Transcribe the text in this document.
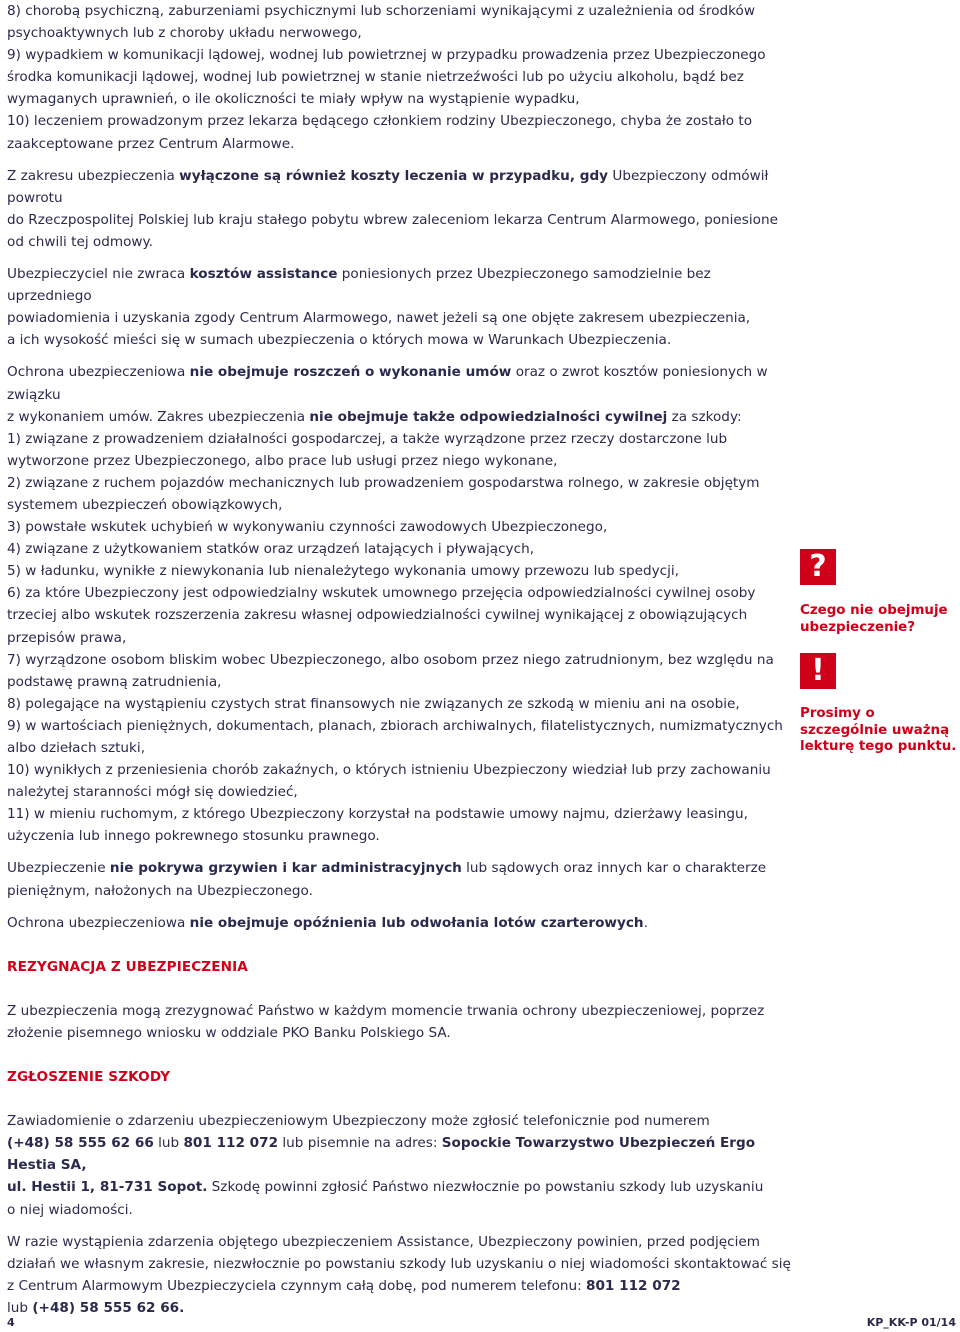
8) chorobą psychiczną, zaburzeniami psychicznymi lub schorzeniami wynikającymi z uzależnienia od środków

psychoaktywnych lub z choroby układu nerwowego,

9) wypadkiem w komunikacji lądowej, wodnej lub powietrznej w przypadku prowadzenia przez Ubezpieczonego

środka komunikacji lądowej, wodnej lub powietrznej w stanie nietrzeźwości lub po użyciu alkoholu, bądź bez

wymaganych uprawnień, o ile okoliczności te miały wpływ na wystąpienie wypadku,

10) leczeniem prowadzonym przez lekarza będącego członkiem rodziny Ubezpieczonego, chyba że zostało to

zaakceptowane przez Centrum Alarmowe.

Z zakresu ubezpieczenia wyłączone są również koszty leczenia w przypadku, gdy Ubezpieczony odmówił powrotu

do Rzeczpospolitej Polskiej lub kraju stałego pobytu wbrew zaleceniom lekarza Centrum Alarmowego, poniesione

od chwili tej odmowy.

Ubezpieczyciel nie zwraca kosztów assistance poniesionych przez Ubezpieczonego samodzielnie bez uprzedniego

powiadomienia i uzyskania zgody Centrum Alarmowego, nawet jeżeli są one objęte zakresem ubezpieczenia,

a ich wysokość mieści się w sumach ubezpieczenia o których mowa w Warunkach Ubezpieczenia.

Ochrona ubezpieczeniowa nie obejmuje roszczeń o wykonanie umów oraz o zwrot kosztów poniesionych w związku

z wykonaniem umów. Zakres ubezpieczenia nie obejmuje także odpowiedzialności cywilnej za szkody:

1) związane z prowadzeniem działalności gospodarczej, a także wyrządzone przez rzeczy dostarczone lub

wytworzone przez Ubezpieczonego, albo prace lub usługi przez niego wykonane,

2) związane z ruchem pojazdów mechanicznych lub prowadzeniem gospodarstwa rolnego, w zakresie objętym

systemem ubezpieczeń obowiązkowych,

3) powstałe wskutek uchybień w wykonywaniu czynności zawodowych Ubezpieczonego,

4) związane z użytkowaniem statków oraz urządzeń latających i pływających,

5) w ładunku, wynikłe z niewykonania lub nienależytego wykonania umowy przewozu lub spedycji,

6) za które Ubezpieczony jest odpowiedzialny wskutek umownego przejęcia odpowiedzialności cywilnej osoby

trzeciej albo wskutek rozszerzenia zakresu własnej odpowiedzialności cywilnej wynikającej z obowiązujących

przepisów prawa,

7) wyrządzone osobom bliskim wobec Ubezpieczonego, albo osobom przez niego zatrudnionym, bez względu na

podstawę prawną zatrudnienia,

8) polegające na wystąpieniu czystych strat finansowych nie związanych ze szkodą w mieniu ani na osobie,

9) w wartościach pieniężnych, dokumentach, planach, zbiorach archiwalnych, filatelistycznych, numizmatycznych

albo dziełach sztuki,

10) wynikłych z przeniesienia chorób zakaźnych, o których istnieniu Ubezpieczony wiedział lub przy zachowaniu

należytej staranności mógł się dowiedzieć,

11) w mieniu ruchomym, z którego Ubezpieczony korzystał na podstawie umowy najmu, dzierżawy leasingu,

użyczenia lub innego pokrewnego stosunku prawnego.

Ubezpieczenie nie pokrywa grzywien i kar administracyjnych lub sądowych oraz innych kar o charakterze

pieniężnym, nałożonych na Ubezpieczonego.

Ochrona ubezpieczeniowa nie obejmuje opóźnienia lub odwołania lotów czarterowych.

REZYGNACJA Z UBEZPIECZENIA

Z ubezpieczenia mogą zrezygnować Państwo w każdym momencie trwania ochrony ubezpieczeniowej, poprzez

złożenie pisemnego wniosku w oddziale PKO Banku Polskiego SA.

ZGŁOSZENIE SZKODY

Zawiadomienie o zdarzeniu ubezpieczeniowym Ubezpieczony może zgłosić telefonicznie pod numerem

(+48) 58 555 62 66 lub 801 112 072 lub pisemnie na adres: Sopockie Towarzystwo Ubezpieczeń Ergo Hestia SA,

ul. Hestii 1, 81-731 Sopot. Szkodę powinni zgłosić Państwo niezwłocznie po powstaniu szkody lub uzyskaniu

o niej wiadomości.

W razie wystąpienia zdarzenia objętego ubezpieczeniem Assistance, Ubezpieczony powinien, przed podjęciem

działań we własnym zakresie, niezwłocznie po powstaniu szkody lub uzyskaniu o niej wiadomości skontaktować się

z Centrum Alarmowym Ubezpieczyciela czynnym całą dobę, pod numerem telefonu: 801 112 072

lub (+48) 58 555 62 66.

?
Czego nie obejmuje ubezpieczenie?
!
Prosimy o szczególnie uważną lekturę tego punktu.
4	KP_KK-P 01/14
